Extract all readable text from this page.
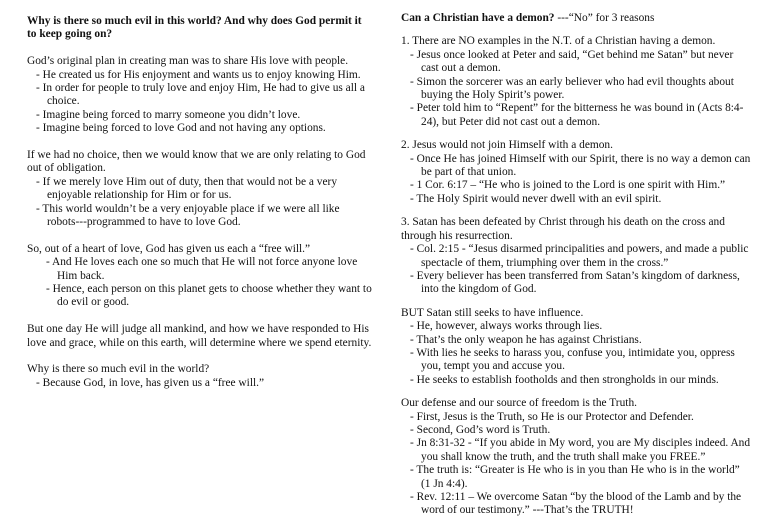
Why is there so much evil in this world? And why does God permit it to keep going on?

God’s original plan in creating man was to share His love with people.

- He created us for His enjoyment and wants us to enjoy knowing Him.

- In order for people to truly love and enjoy Him, He had to give us all a choice.

- Imagine being forced to marry someone you didn’t love.

- Imagine being forced to love God and not having any options.

If we had no choice, then we would know that we are only relating to God out of obligation.

- If we merely love Him out of duty, then that would not be a very enjoyable relationship for Him or for us.

- This world wouldn’t be a very enjoyable place if we were all like robots---programmed to have to love God.

So, out of a heart of love, God has given us each a “free will.”

- And He loves each one so much that He will not force anyone love Him back.

- Hence, each person on this planet gets to choose whether they want to do evil or good.

But one day He will judge all mankind, and how we have responded to His love and grace, while on this earth, will determine where we spend eternity.

Why is there so much evil in the world?

- Because God, in love, has given us a “free will.”

Can a Christian have a demon? ---“No” for 3 reasons

1. There are NO examples in the N.T. of a Christian having a demon.

- Jesus once looked at Peter and said, “Get behind me Satan” but never cast out a demon.

- Simon the sorcerer was an early believer who had evil thoughts about buying the Holy Spirit’s power.

- Peter told him to “Repent” for the bitterness he was bound in (Acts 8:4-24), but Peter did not cast out a demon.

2. Jesus would not join Himself with a demon.

- Once He has joined Himself with our Spirit, there is no way a demon can be part of that union.

- 1 Cor. 6:17 – “He who is joined to the Lord is one spirit with Him.”

- The Holy Spirit would never dwell with an evil spirit.

3. Satan has been defeated by Christ through his death on the cross and through his resurrection.

- Col. 2:15 - “Jesus disarmed principalities and powers, and made a public spectacle of them, triumphing over them in the cross.”

- Every believer has been transferred from Satan’s kingdom of darkness, into the kingdom of God.

BUT Satan still seeks to have influence.

- He, however, always works through lies.

- That’s the only weapon he has against Christians.

- With lies he seeks to harass you, confuse you, intimidate you, oppress you, tempt you and accuse you.

- He seeks to establish footholds and then strongholds in our minds.

Our defense and our source of freedom is the Truth.

- First, Jesus is the Truth, so He is our Protector and Defender.

- Second, God’s word is Truth.

- Jn 8:31-32 - “If you abide in My word, you are My disciples indeed. And you shall know the truth, and the truth shall make you FREE.”

- The truth is: “Greater is He who is in you than He who is in the world” (1 Jn 4:4).

- Rev. 12:11 – We overcome Satan “by the blood of the Lamb and by the word of our testimony.” ---That’s the TRUTH!
